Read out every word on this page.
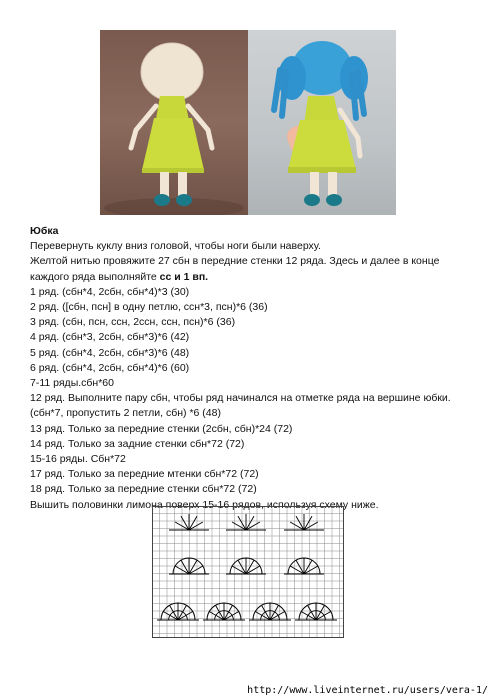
Юбка
Перевернуть куклу вниз головой, чтобы ноги были наверху.
Желтой нитью провяжите 27 сбн в передние стенки 12 ряда. Здесь и далее в конце
каждого ряда выполняйте сс и 1 вп.
1 ряд. (сбн*4, 2сбн, сбн*4)*3 (30)
2 ряд. ([сбн, псн] в одну петлю, ссн*3, псн)*6 (36)
3 ряд. (сбн, псн, ссн, 2ссн, ссн, псн)*6 (36)
4 ряд. (сбн*3, 2сбн, сбн*3)*6 (42)
5 ряд. (сбн*4, 2сбн, сбн*3)*6 (48)
6 ряд. (сбн*4, 2сбн, сбн*4)*6 (60)
7-11 ряды.сбн*60
12 ряд. Выполните пару сбн, чтобы ряд начинался на отметке ряда на вершине юбки.
(сбн*7, пропустить 2 петли, сбн) *6 (48)
13 ряд. Только за передние стенки (2сбн, сбн)*24 (72)
14 ряд. Только за задние стенки сбн*72 (72)
15-16 ряды. Сбн*72
17 ряд. Только за передние мтенки сбн*72 (72)
18 ряд. Только за передние стенки сбн*72 (72)
Вышить половинки лимона поверх 15-16 рядов, используя схему ниже.
http://www.liveinternet.ru/users/vera-1/
